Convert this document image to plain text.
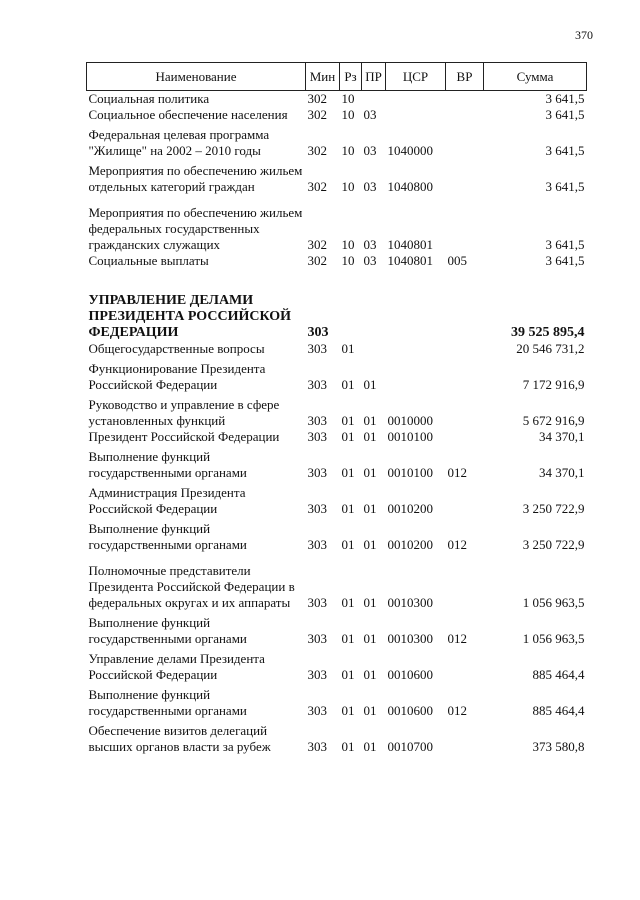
370
Наименование	Мин	Рз	ПР	ЦСР	ВР	Сумма
Социальная политика	302	10				3 641,5
Социальное обеспечение населения	302	10	03			3 641,5
Федеральная целевая программа "Жилище" на 2002 – 2010 годы	302	10	03	1040000		3 641,5
Мероприятия по обеспечению жильем отдельных категорий граждан	302	10	03	1040800		3 641,5
Мероприятия по обеспечению жильем федеральных государственных гражданских служащих	302	10	03	1040801		3 641,5
Социальные выплаты	302	10	03	1040801	005	3 641,5
УПРАВЛЕНИЕ ДЕЛАМИ ПРЕЗИДЕНТА РОССИЙСКОЙ ФЕДЕРАЦИИ	303					39 525 895,4
Общегосударственные вопросы	303	01				20 546 731,2
Функционирование Президента Российской Федерации	303	01	01			7 172 916,9
Руководство и управление в сфере установленных функций	303	01	01	0010000		5 672 916,9
Президент Российской Федерации	303	01	01	0010100		34 370,1
Выполнение функций государственными органами	303	01	01	0010100	012	34 370,1
Администрация Президента Российской Федерации	303	01	01	0010200		3 250 722,9
Выполнение функций государственными органами	303	01	01	0010200	012	3 250 722,9
Полномочные представители Президента Российской Федерации в федеральных округах и их аппараты	303	01	01	0010300		1 056 963,5
Выполнение функций государственными органами	303	01	01	0010300	012	1 056 963,5
Управление делами Президента Российской Федерации	303	01	01	0010600		885 464,4
Выполнение функций государственными органами	303	01	01	0010600	012	885 464,4
Обеспечение визитов делегаций высших органов власти за рубеж	303	01	01	0010700		373 580,8
